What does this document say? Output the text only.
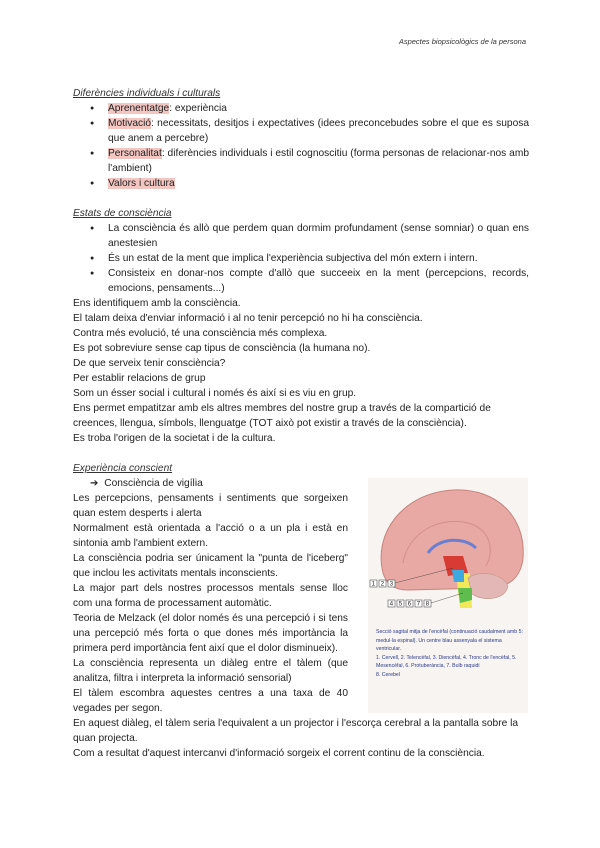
Aspectes biopsicològics de la persona
Diferències individuals i culturals
● Aprenentatge: experiència
● Motivació: necessitats, desitjos i expectatives (idees preconcebudes sobre el que es suposa que anem a percebre)
● Personalitat: diferències individuals i estil cognoscitiu (forma personas de relacionar-nos amb l'ambient)
● Valors i cultura
Estats de consciència
● La consciència és allò que perdem quan dormim profundament (sense somniar) o quan ens anestesien
● És un estat de la ment que implica l'experiència subjectiva del món extern i intern.
● Consisteix en donar-nos compte d'allò que succeeix en la ment (percepcions, records, emocions, pensaments...)

Ens identifiquem amb la consciència.

El talam deixa d'enviar informació i al no tenir percepció no hi ha consciència.

Contra més evolució, té una consciència més complexa.

Es pot sobreviure sense cap tipus de consciència (la humana no).

De que serveix tenir consciència?

Per establir relacions de grup

Som un ésser social i cultural i només és així si es viu en grup.

Ens permet empatitzar amb els altres membres del nostre grup a través de la compartició de creences, llengua, símbols, llenguatge (TOT això pot existir a través de la consciència).

Es troba l'origen de la societat i de la cultura.

Experiència conscient
➔ Consciència de vigília

Les percepcions, pensaments i sentiments que sorgeixen quan estem desperts i alerta

Normalment està orientada a l'acció o a un pla i està en sintonia amb l'ambient extern.

La consciència podria ser únicament la "punta de l'iceberg" que inclou les activitats mentals inconscients.

La major part dels nostres processos mentals sense lloc com una forma de processament automàtic.

Teoria de Melzack (el dolor només és una percepció i si tens una percepció més forta o que dones més importància la primera perd importància fent així que el dolor disminueix).

La consciència representa un diàleg entre el tàlem (que analitza, filtra i interpreta la informació sensorial)

El tàlem escombra aquestes centres a una taxa de 40 vegades per segon.

En aquest diàleg, el tàlem seria l'equivalent a un projector i l'escorça cerebral a la pantalla sobre la quan projecta.

Com a resultat d'aquest intercanvi d'informació sorgeix el corrent continu de la consciència.

1 2 3
4 5 6 7 8
Secció sagital mitja de l'encèfal (continuació caudalment amb 5: medul·la espinal). Un centre blau assenyala el sistema ventricular.
1. Cervell, 2. Telencèfal, 3. Diencèfal, 4. Tronc de l'encèfal, 5. Mesencèfal, 6. Protuberància, 7. Bulb raquidi
8. Cerebel
